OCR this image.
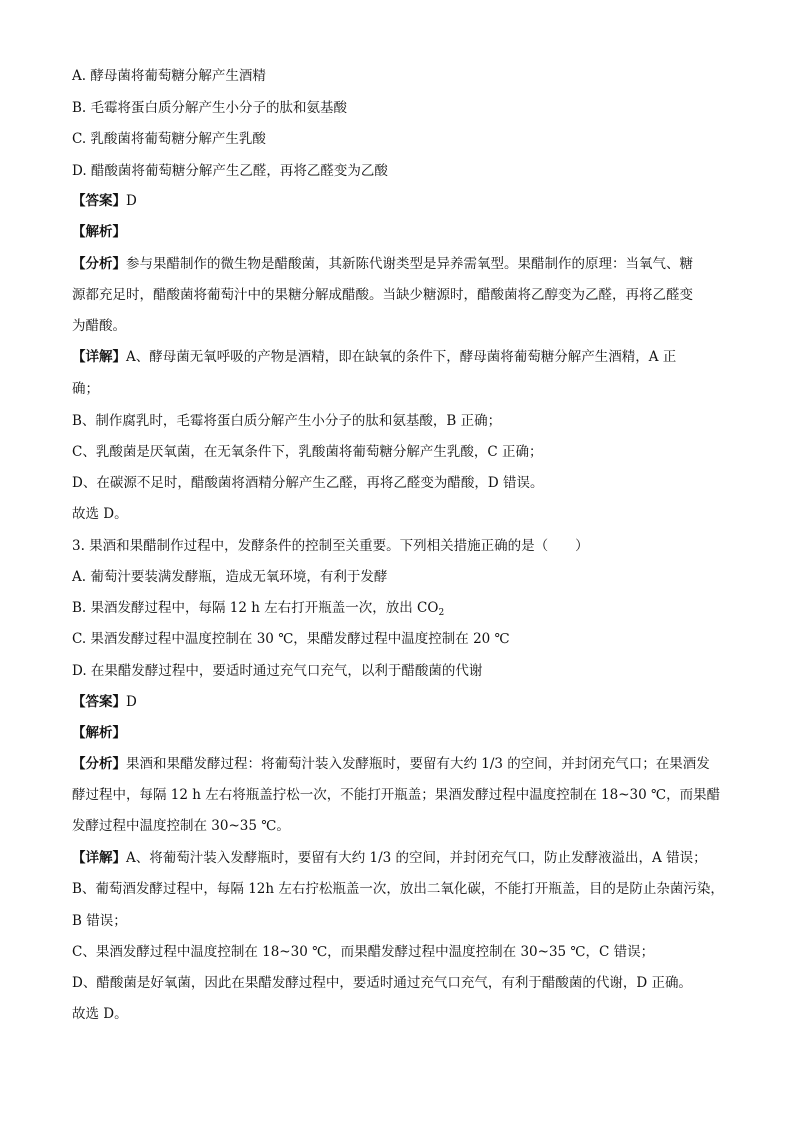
A. 酵母菌将葡萄糖分解产生酒精
B. 毛霉将蛋白质分解产生小分子的肽和氨基酸
C. 乳酸菌将葡萄糖分解产生乳酸
D. 醋酸菌将葡萄糖分解产生乙醛，再将乙醛变为乙酸
【答案】D
【解析】
【分析】参与果醋制作的微生物是醋酸菌，其新陈代谢类型是异养需氧型。果醋制作的原理：当氧气、糖
源都充足时，醋酸菌将葡萄汁中的果糖分解成醋酸。当缺少糖源时，醋酸菌将乙醇变为乙醛，再将乙醛变
为醋酸。
【详解】A、酵母菌无氧呼吸的产物是酒精，即在缺氧的条件下，酵母菌将葡萄糖分解产生酒精，A 正
确；
B、制作腐乳时，毛霉将蛋白质分解产生小分子的肽和氨基酸，B 正确；
C、乳酸菌是厌氧菌，在无氧条件下，乳酸菌将葡萄糖分解产生乳酸，C 正确；
D、在碳源不足时，醋酸菌将酒精分解产生乙醛，再将乙醛变为醋酸，D 错误。
故选 D。
3. 果酒和果醋制作过程中，发酵条件的控制至关重要。下列相关措施正确的是（　　）
A. 葡萄汁要装满发酵瓶，造成无氧环境，有利于发酵
B. 果酒发酵过程中，每隔 12 h 左右打开瓶盖一次，放出 $CO_2$
C. 果酒发酵过程中温度控制在 30 ℃，果醋发酵过程中温度控制在 20 ℃
D. 在果醋发酵过程中，要适时通过充气口充气，以利于醋酸菌的代谢
【答案】D
【解析】
【分析】果酒和果醋发酵过程：将葡萄汁装入发酵瓶时，要留有大约 1/3 的空间，并封闭充气口；在果酒发
酵过程中，每隔 12 h 左右将瓶盖拧松一次，不能打开瓶盖；果酒发酵过程中温度控制在 18~30 ℃，而果醋
发酵过程中温度控制在 30~35 ℃。
【详解】A、将葡萄汁装入发酵瓶时，要留有大约 1/3 的空间，并封闭充气口，防止发酵液溢出，A 错误；
B、葡萄酒发酵过程中，每隔 12h 左右拧松瓶盖一次，放出二氧化碳，不能打开瓶盖，目的是防止杂菌污染，
B 错误；
C、果酒发酵过程中温度控制在 18~30 ℃，而果醋发酵过程中温度控制在 30~35 ℃，C 错误；
D、醋酸菌是好氧菌，因此在果醋发酵过程中，要适时通过充气口充气，有利于醋酸菌的代谢，D 正确。
故选 D。
